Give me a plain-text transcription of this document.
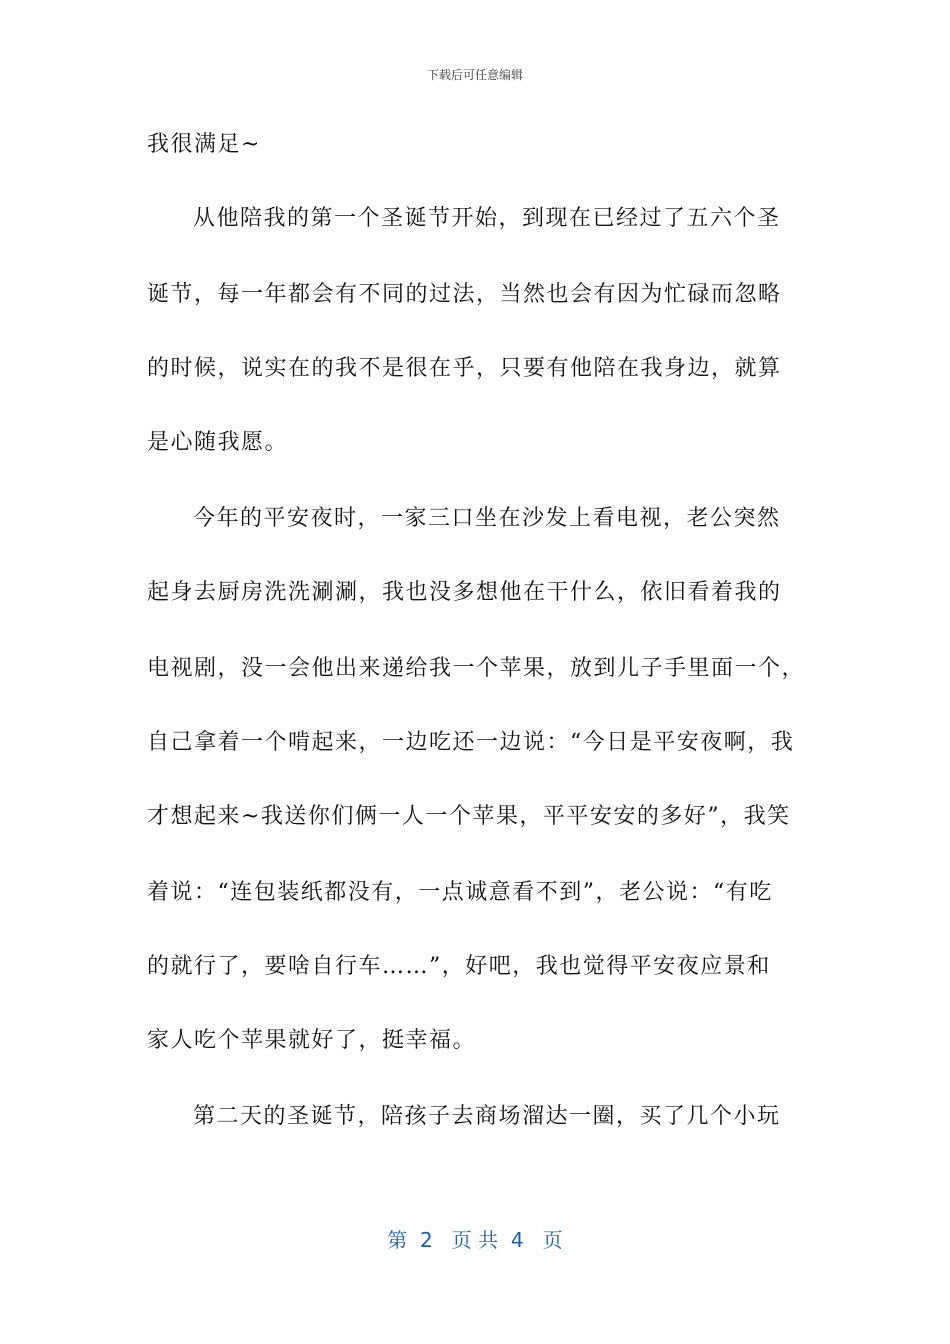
下载后可任意编辑
我很满足~
从他陪我的第一个圣诞节开始，到现在已经过了五六个圣
诞节，每一年都会有不同的过法，当然也会有因为忙碌而忽略
的时候，说实在的我不是很在乎，只要有他陪在我身边，就算
是心随我愿。
今年的平安夜时，一家三口坐在沙发上看电视，老公突然
起身去厨房洗洗涮涮，我也没多想他在干什么，依旧看着我的
电视剧，没一会他出来递给我一个苹果，放到儿子手里面一个，
自己拿着一个啃起来，一边吃还一边说：“今日是平安夜啊，我
才想起来~我送你们俩一人一个苹果，平平安安的多好”，我笑
着说：“连包装纸都没有，一点诚意看不到”，老公说：“有吃
的就行了，要啥自行车……”，好吧，我也觉得平安夜应景和
家人吃个苹果就好了，挺幸福。
第二天的圣诞节，陪孩子去商场溜达一圈，买了几个小玩
第  2   页 共  4   页
